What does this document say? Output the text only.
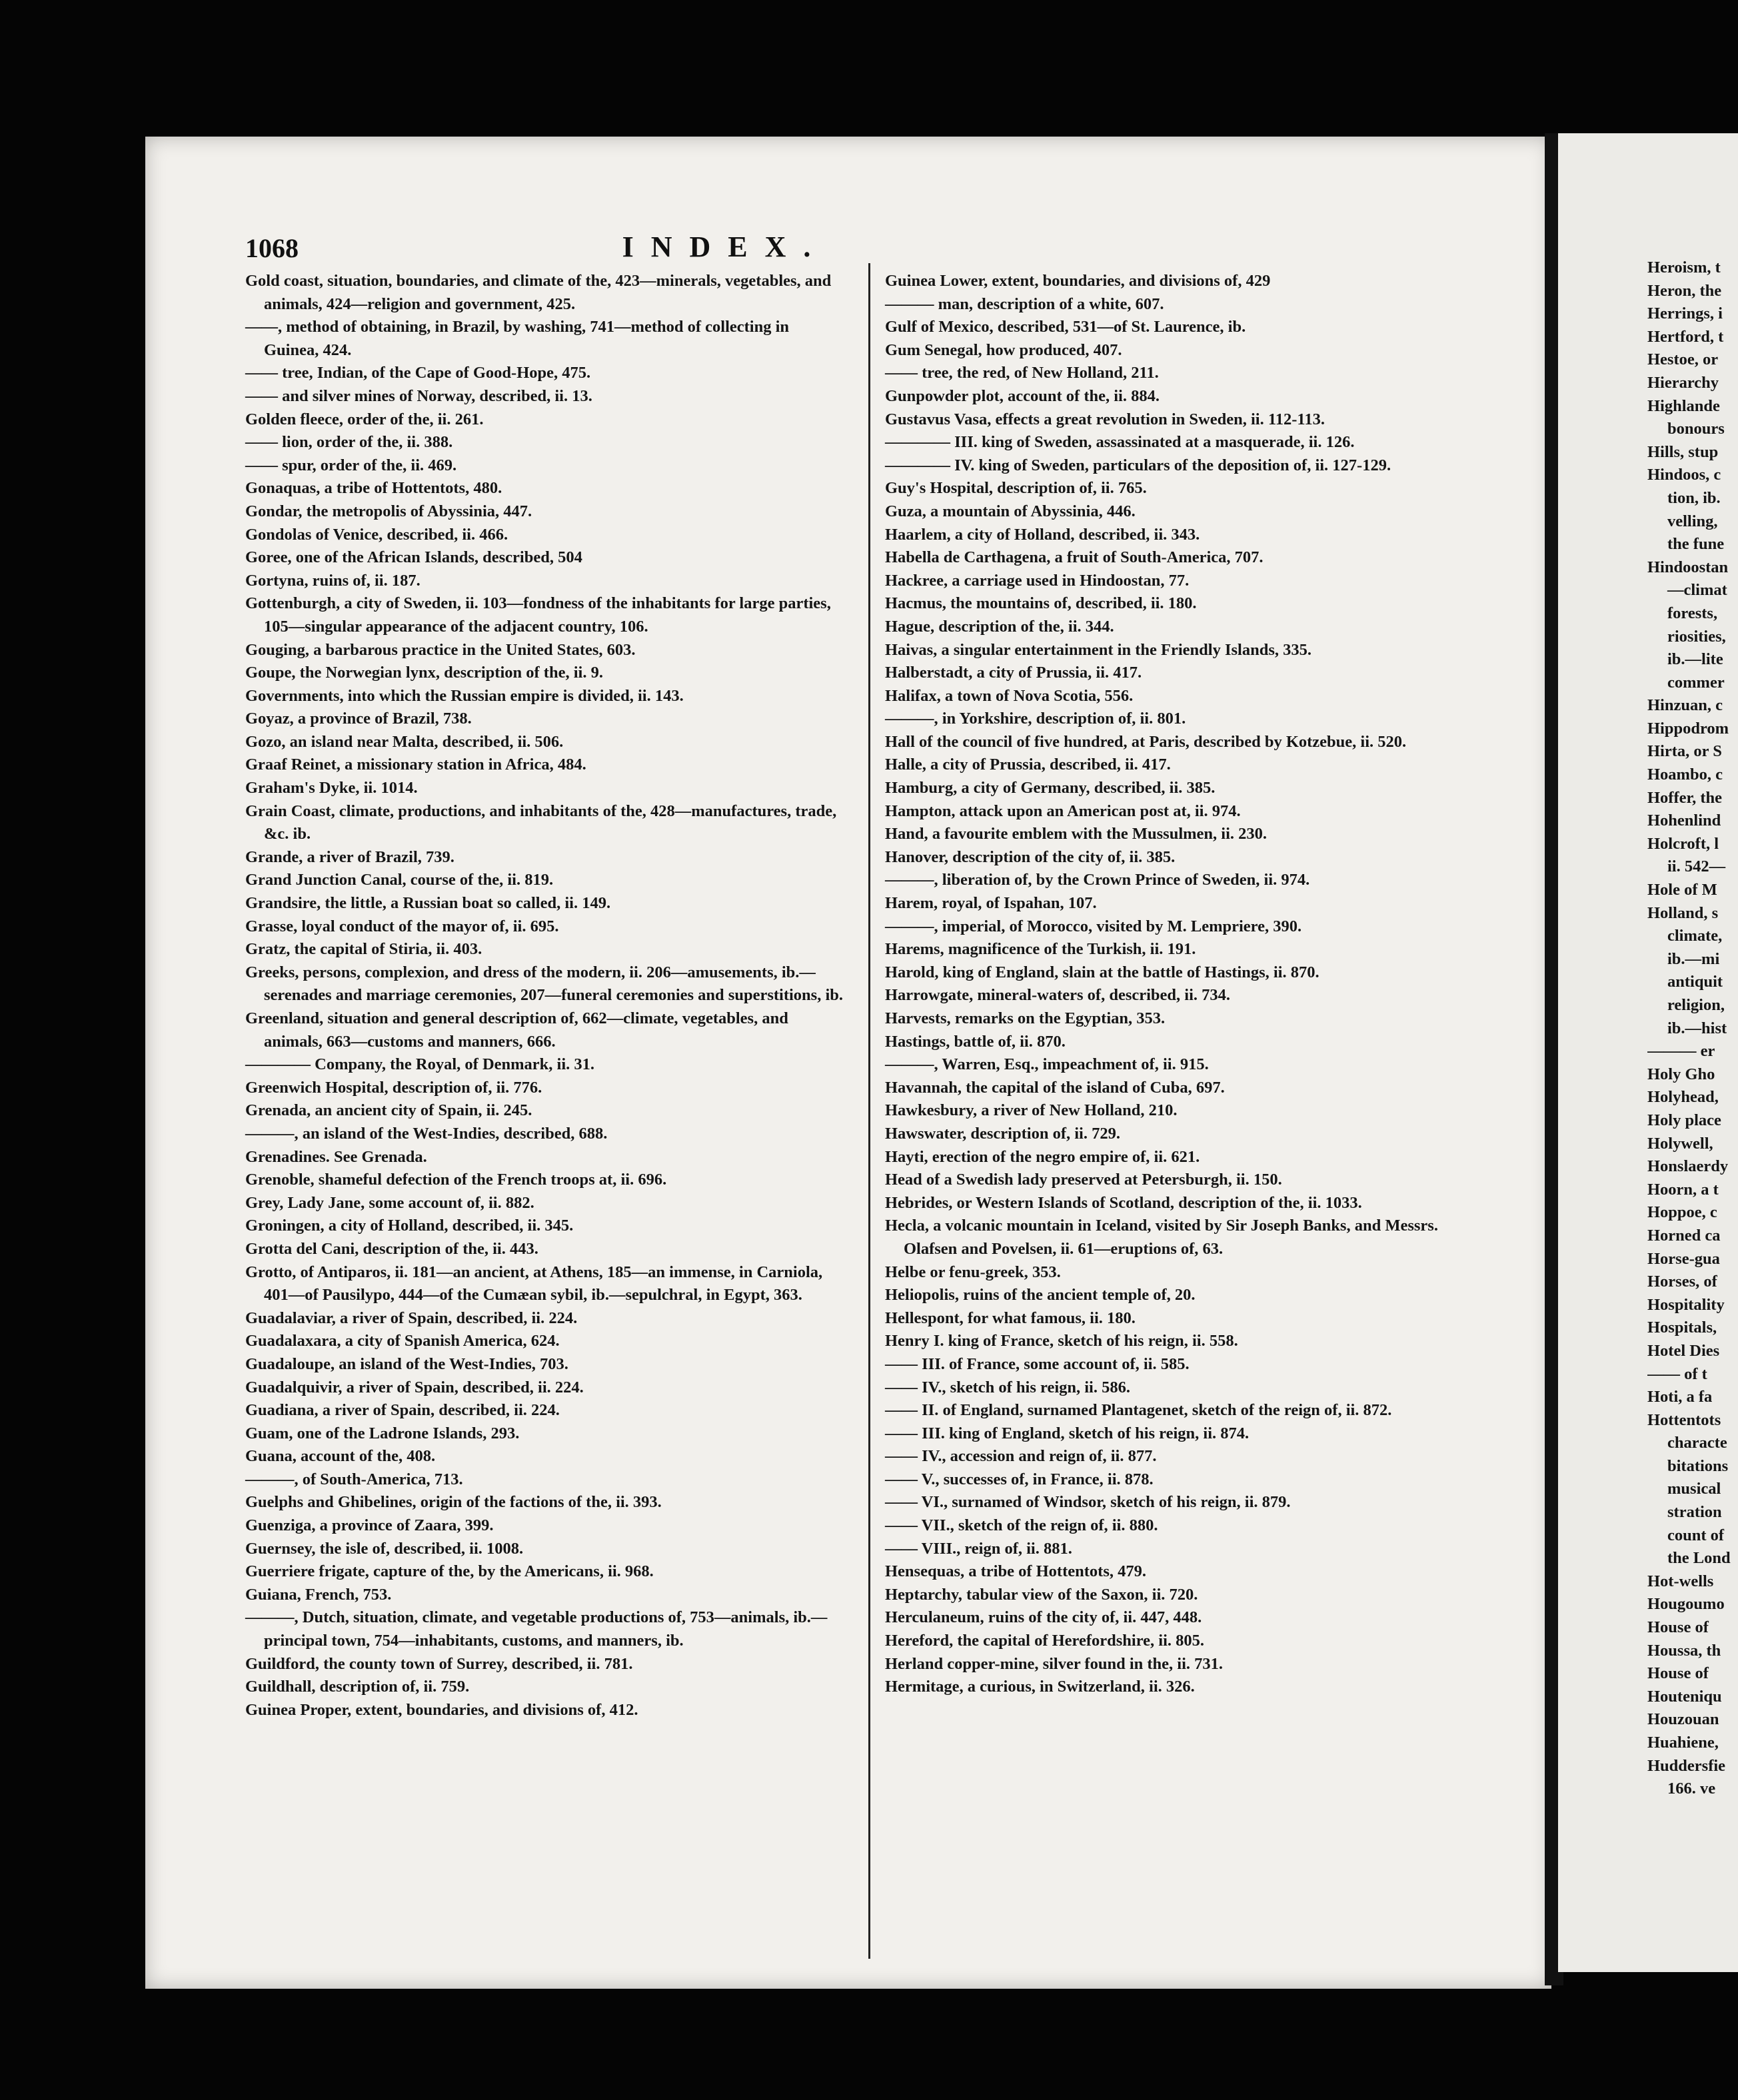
1068	INDEX.

Gold coast, situation, boundaries, and climate of the, 423—minerals, vegetables, and animals, 424—religion and government, 425.

——, method of obtaining, in Brazil, by washing, 741—method of collecting in Guinea, 424.

—— tree, Indian, of the Cape of Good-Hope, 475.

—— and silver mines of Norway, described, ii. 13.

Golden fleece, order of the, ii. 261.

—— lion, order of the, ii. 388.

—— spur, order of the, ii. 469.

Gonaquas, a tribe of Hottentots, 480.

Gondar, the metropolis of Abyssinia, 447.

Gondolas of Venice, described, ii. 466.

Goree, one of the African Islands, described, 504

Gortyna, ruins of, ii. 187.

Gottenburgh, a city of Sweden, ii. 103—fondness of the inhabitants for large parties, 105—singular appearance of the adjacent country, 106.

Gouging, a barbarous practice in the United States, 603.

Goupe, the Norwegian lynx, description of the, ii. 9.

Governments, into which the Russian empire is divided, ii. 143.

Goyaz, a province of Brazil, 738.

Gozo, an island near Malta, described, ii. 506.

Graaf Reinet, a missionary station in Africa, 484.

Graham's Dyke, ii. 1014.

Grain Coast, climate, productions, and inhabitants of the, 428—manufactures, trade, &c. ib.

Grande, a river of Brazil, 739.

Grand Junction Canal, course of the, ii. 819.

Grandsire, the little, a Russian boat so called, ii. 149.

Grasse, loyal conduct of the mayor of, ii. 695.

Gratz, the capital of Stiria, ii. 403.

Greeks, persons, complexion, and dress of the modern, ii. 206—amusements, ib.—serenades and marriage ceremonies, 207—funeral ceremonies and superstitions, ib.

Greenland, situation and general description of, 662—climate, vegetables, and animals, 663—customs and manners, 666.

———— Company, the Royal, of Denmark, ii. 31.

Greenwich Hospital, description of, ii. 776.

Grenada, an ancient city of Spain, ii. 245.

———, an island of the West-Indies, described, 688.

Grenadines. See Grenada.

Grenoble, shameful defection of the French troops at, ii. 696.

Grey, Lady Jane, some account of, ii. 882.

Groningen, a city of Holland, described, ii. 345.

Grotta del Cani, description of the, ii. 443.

Grotto, of Antiparos, ii. 181—an ancient, at Athens, 185—an immense, in Carniola, 401—of Pausilypo, 444—of the Cumæan sybil, ib.—sepulchral, in Egypt, 363.

Guadalaviar, a river of Spain, described, ii. 224.

Guadalaxara, a city of Spanish America, 624.

Guadaloupe, an island of the West-Indies, 703.

Guadalquivir, a river of Spain, described, ii. 224.

Guadiana, a river of Spain, described, ii. 224.

Guam, one of the Ladrone Islands, 293.

Guana, account of the, 408.

———, of South-America, 713.

Guelphs and Ghibelines, origin of the factions of the, ii. 393.

Guenziga, a province of Zaara, 399.

Guernsey, the isle of, described, ii. 1008.

Guerriere frigate, capture of the, by the Americans, ii. 968.

Guiana, French, 753.

———, Dutch, situation, climate, and vegetable productions of, 753—animals, ib.—principal town, 754—inhabitants, customs, and manners, ib.

Guildford, the county town of Surrey, described, ii. 781.

Guildhall, description of, ii. 759.

Guinea Proper, extent, boundaries, and divisions of, 412.

Guinea Lower, extent, boundaries, and divisions of, 429

——— man, description of a white, 607.

Gulf of Mexico, described, 531—of St. Laurence, ib.

Gum Senegal, how produced, 407.

—— tree, the red, of New Holland, 211.

Gunpowder plot, account of the, ii. 884.

Gustavus Vasa, effects a great revolution in Sweden, ii. 112-113.

———— III. king of Sweden, assassinated at a masquerade, ii. 126.

———— IV. king of Sweden, particulars of the deposition of, ii. 127-129.

Guy's Hospital, description of, ii. 765.

Guza, a mountain of Abyssinia, 446.

Haarlem, a city of Holland, described, ii. 343.

Habella de Carthagena, a fruit of South-America, 707.

Hackree, a carriage used in Hindoostan, 77.

Hacmus, the mountains of, described, ii. 180.

Hague, description of the, ii. 344.

Haivas, a singular entertainment in the Friendly Islands, 335.

Halberstadt, a city of Prussia, ii. 417.

Halifax, a town of Nova Scotia, 556.

———, in Yorkshire, description of, ii. 801.

Hall of the council of five hundred, at Paris, described by Kotzebue, ii. 520.

Halle, a city of Prussia, described, ii. 417.

Hamburg, a city of Germany, described, ii. 385.

Hampton, attack upon an American post at, ii. 974.

Hand, a favourite emblem with the Mussulmen, ii. 230.

Hanover, description of the city of, ii. 385.

———, liberation of, by the Crown Prince of Sweden, ii. 974.

Harem, royal, of Ispahan, 107.

———, imperial, of Morocco, visited by M. Lempriere, 390.

Harems, magnificence of the Turkish, ii. 191.

Harold, king of England, slain at the battle of Hastings, ii. 870.

Harrowgate, mineral-waters of, described, ii. 734.

Harvests, remarks on the Egyptian, 353.

Hastings, battle of, ii. 870.

———, Warren, Esq., impeachment of, ii. 915.

Havannah, the capital of the island of Cuba, 697.

Hawkesbury, a river of New Holland, 210.

Hawswater, description of, ii. 729.

Hayti, erection of the negro empire of, ii. 621.

Head of a Swedish lady preserved at Petersburgh, ii. 150.

Hebrides, or Western Islands of Scotland, description of the, ii. 1033.

Hecla, a volcanic mountain in Iceland, visited by Sir Joseph Banks, and Messrs. Olafsen and Povelsen, ii. 61—eruptions of, 63.

Helbe or fenu-greek, 353.

Heliopolis, ruins of the ancient temple of, 20.

Hellespont, for what famous, ii. 180.

Henry I. king of France, sketch of his reign, ii. 558.

—— III. of France, some account of, ii. 585.

—— IV., sketch of his reign, ii. 586.

—— II. of England, surnamed Plantagenet, sketch of the reign of, ii. 872.

—— III. king of England, sketch of his reign, ii. 874.

—— IV., accession and reign of, ii. 877.

—— V., successes of, in France, ii. 878.

—— VI., surnamed of Windsor, sketch of his reign, ii. 879.

—— VII., sketch of the reign of, ii. 880.

—— VIII., reign of, ii. 881.

Hensequas, a tribe of Hottentots, 479.

Heptarchy, tabular view of the Saxon, ii. 720.

Herculaneum, ruins of the city of, ii. 447, 448.

Hereford, the capital of Herefordshire, ii. 805.

Herland copper-mine, silver found in the, ii. 731.

Hermitage, a curious, in Switzerland, ii. 326.

Heroism, t

Heron, the

Herrings, i

Hertford, t

Hestoe, or

Hierarchy

Highlande

bonours

Hills, stup

Hindoos, c

tion, ib.

velling,

the fune

Hindoostan

—climat

forests,

riosities,

ib.—lite

commer

Hinzuan, c

Hippodrom

Hirta, or S

Hoambo, c

Hoffer, the

Hohenlind

Holcroft, l

ii. 542—

Hole of M

Holland, s

climate,

ib.—mi

antiquit

religion,

ib.—hist

——— er

Holy Gho

Holyhead,

Holy place

Holywell,

Honslaerdy

Hoorn, a t

Hoppoe, c

Horned ca

Horse-gua

Horses, of

Hospitality

Hospitals,

Hotel Dies

—— of t

Hoti, a fa

Hottentots

characte

bitations

musical

stration

count of

the Lond

Hot-wells

Hougoumo

House of

Houssa, th

House of

Houteniqu

Houzouan

Huahiene,

Huddersfie

166. ve
